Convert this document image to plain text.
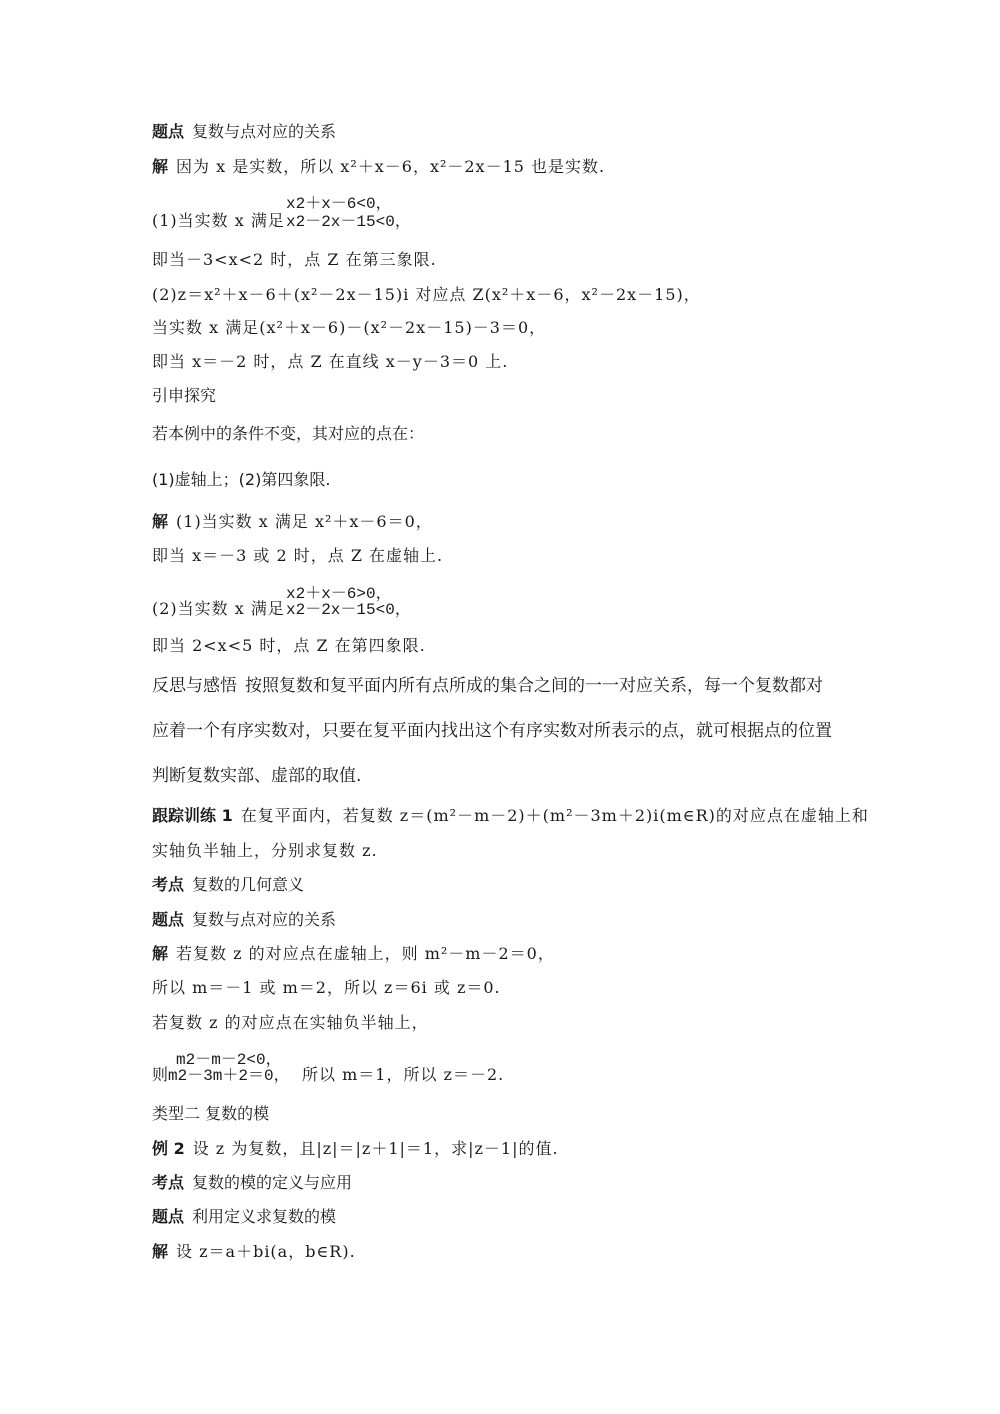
题点 复数与点对应的关系
解 因为 x 是实数，所以 x²＋x－6，x²－2x－15 也是实数.
(1)当实数 x 满足
x2＋x－6<0，
x2－2x－15<0，
即当－3<x<2 时，点 Z 在第三象限.
(2)z＝x²＋x－6＋(x²－2x－15)i 对应点 Z(x²＋x－6，x²－2x－15)，
当实数 x 满足(x²＋x－6)－(x²－2x－15)－3＝0，
即当 x＝－2 时，点 Z 在直线 x－y－3＝0 上.
引申探究
若本例中的条件不变，其对应的点在：
(1)虚轴上；(2)第四象限.
解 (1)当实数 x 满足 x²＋x－6＝0，
即当 x＝－3 或 2 时，点 Z 在虚轴上.
(2)当实数 x 满足
x2＋x－6>0，
x2－2x－15<0，
即当 2<x<5 时，点 Z 在第四象限.
反思与感悟 按照复数和复平面内所有点所成的集合之间的一一对应关系，每一个复数都对
应着一个有序实数对，只要在复平面内找出这个有序实数对所表示的点，就可根据点的位置
判断复数实部、虚部的取值.
跟踪训练 1 在复平面内，若复数 z＝(m²－m－2)＋(m²－3m＋2)i(m∈R)的对应点在虚轴上和
实轴负半轴上，分别求复数 z.
考点 复数的几何意义
题点 复数与点对应的关系
解 若复数 z 的对应点在虚轴上，则 m²－m－2＝0，
所以 m＝－1 或 m＝2，所以 z＝6i 或 z＝0.
若复数 z 的对应点在实轴负半轴上，
则
m2－m－2<0，
m2－3m＋2＝0， 所以 m＝1，所以 z＝－2.
类型二 复数的模
例 2 设 z 为复数，且|z|＝|z＋1|＝1，求|z－1|的值.
考点 复数的模的定义与应用
题点 利用定义求复数的模
解 设 z＝a＋bi(a，b∈R).
